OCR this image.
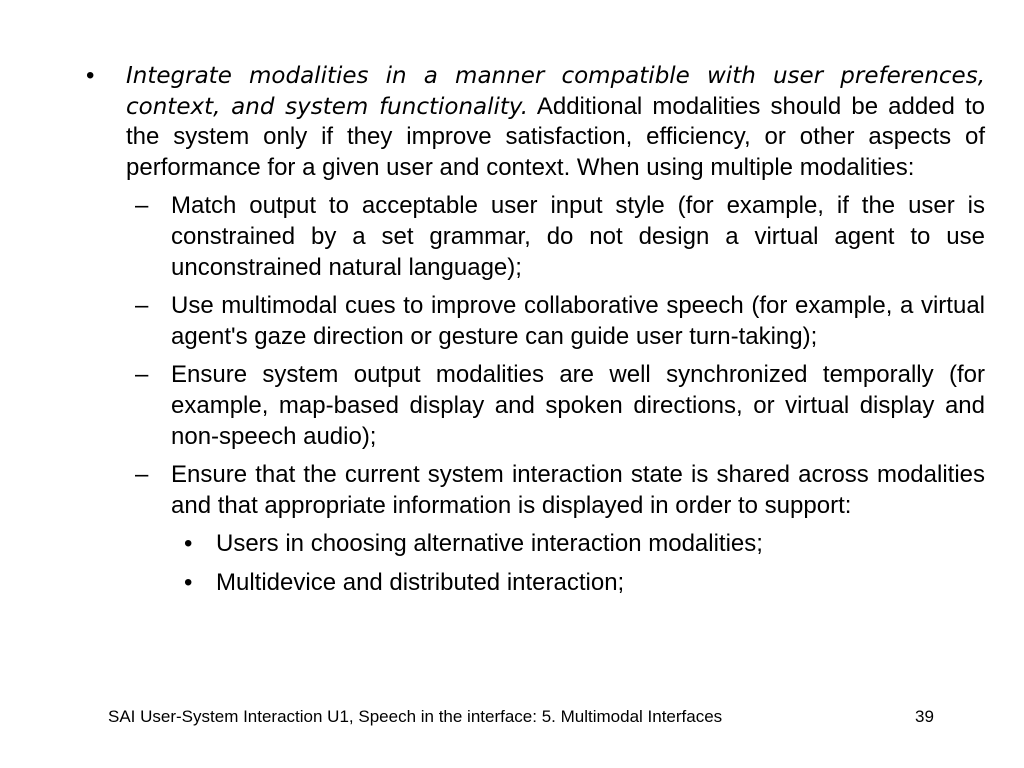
•	Integrate modalities in a manner compatible with user preferences, context, and system functionality. Additional modalities should be added to the system only if they improve satisfaction, efficiency, or other aspects of performance for a given user and context. When using multiple modalities:
– Match output to acceptable user input style (for example, if the user is constrained by a set grammar, do not design a virtual agent to use unconstrained natural language);
– Use multimodal cues to improve collaborative speech (for example, a virtual agent's gaze direction or gesture can guide user turn-taking);
– Ensure system output modalities are well synchronized temporally (for example, map-based display and spoken directions, or virtual display and non-speech audio);
– Ensure that the current system interaction state is shared across modalities and that appropriate information is displayed in order to support:
• Users in choosing alternative interaction modalities;
• Multidevice and distributed interaction;
SAI User-System Interaction U1, Speech in the interface: 5. Multimodal Interfaces	39
